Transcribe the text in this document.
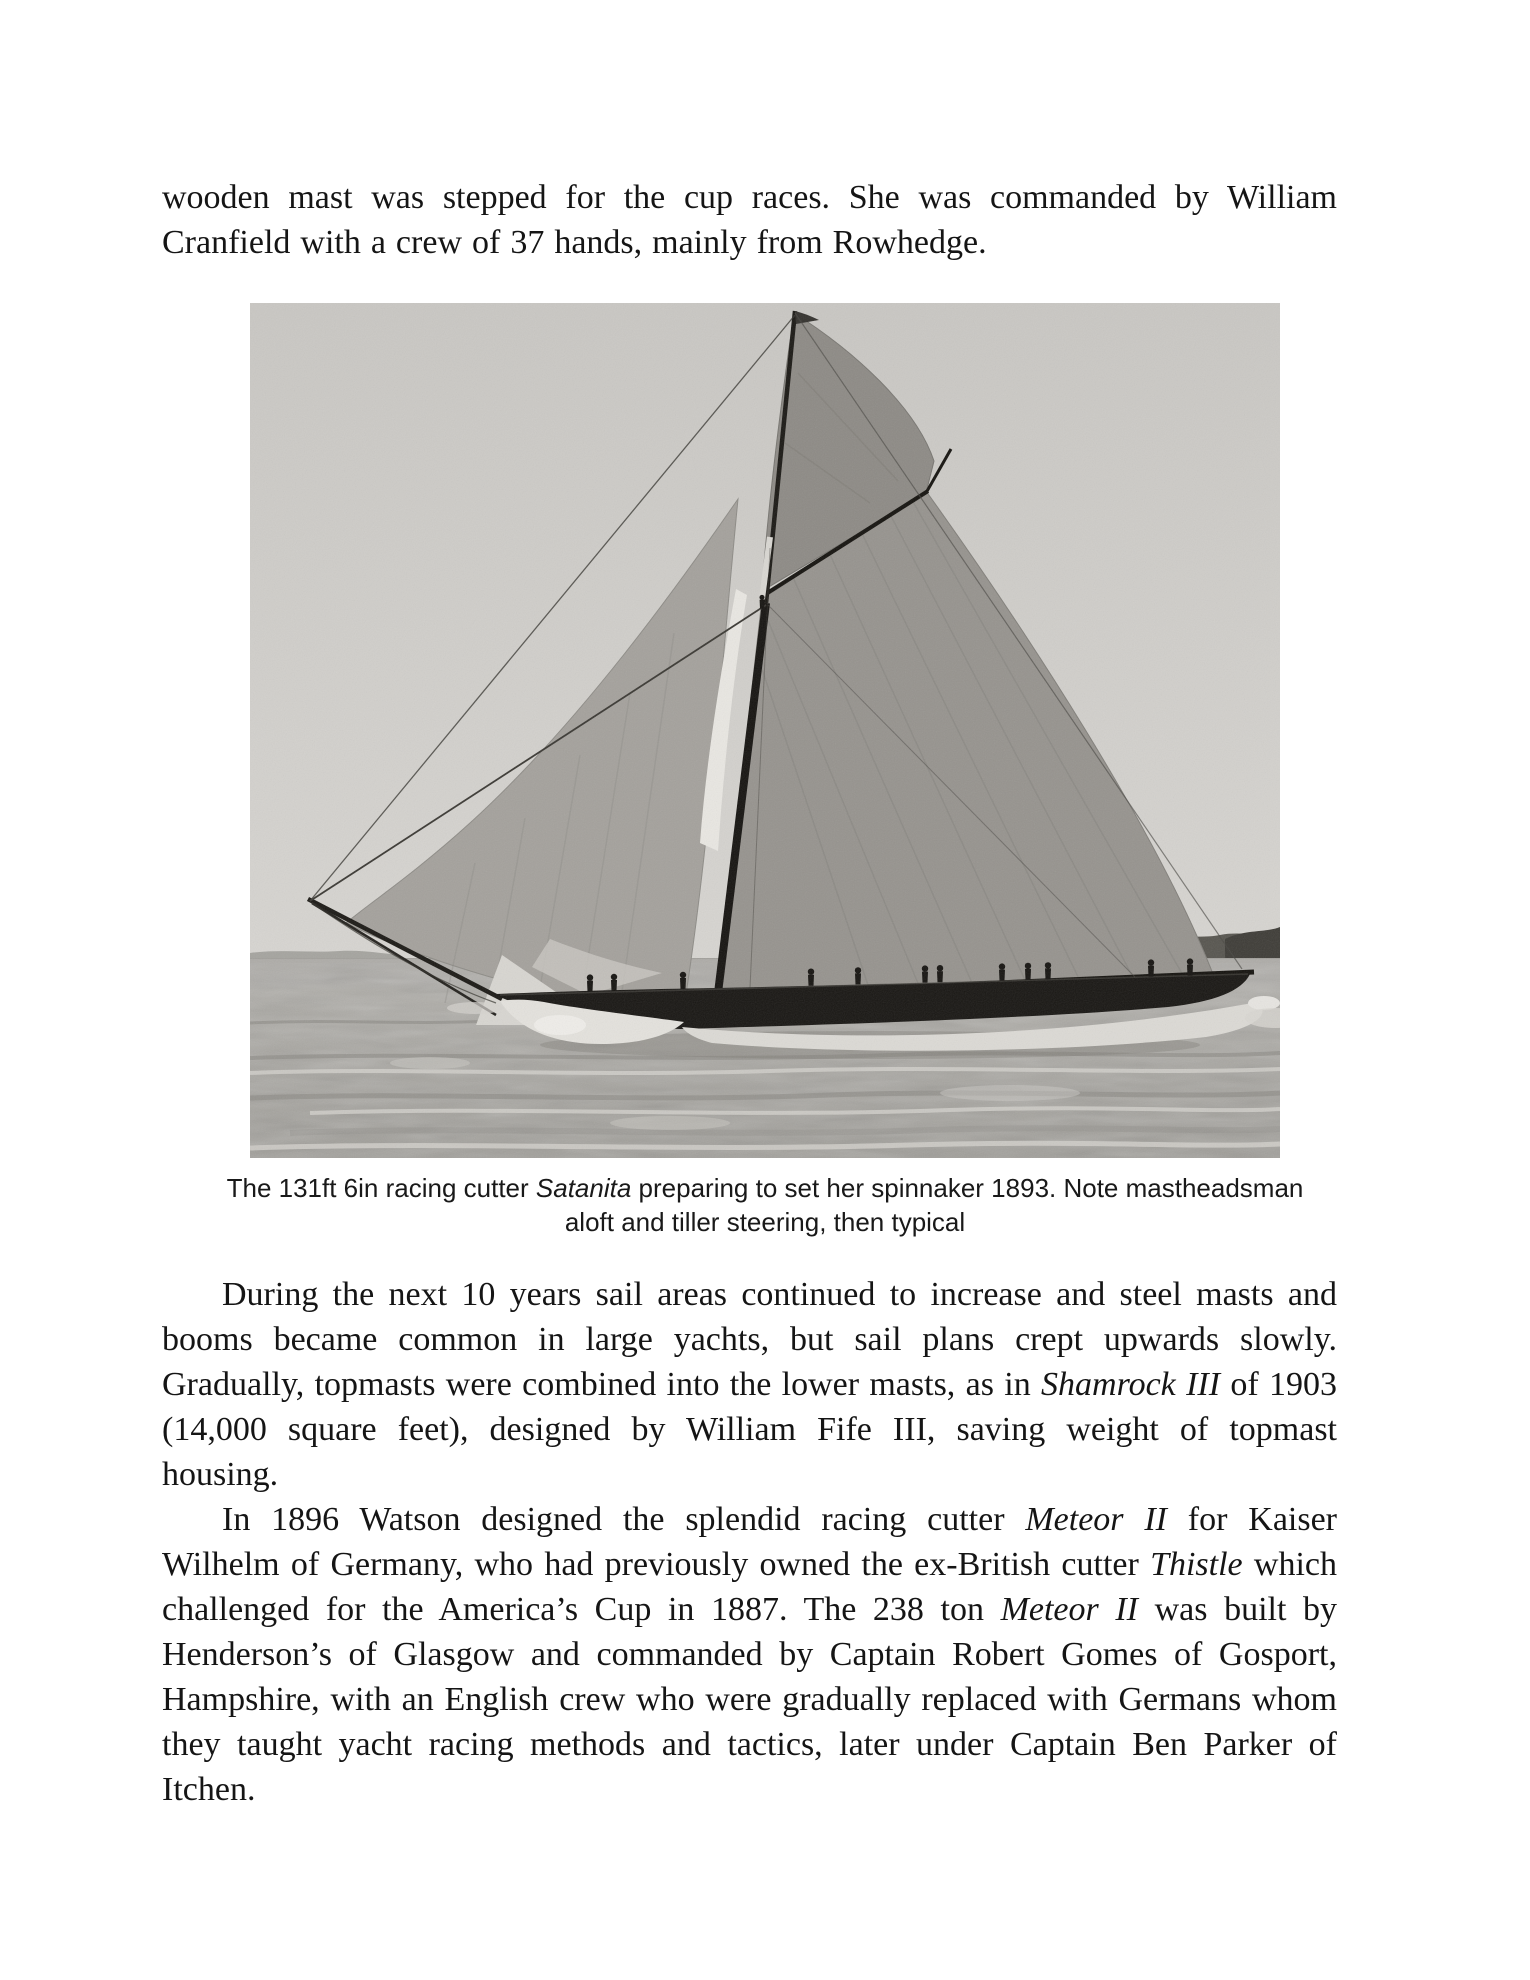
wooden mast was stepped for the cup races. She was commanded by William Cranfield with a crew of 37 hands, mainly from Rowhedge.

The 131ft 6in racing cutter Satanita preparing to set her spinnaker 1893. Note mastheadsman
aloft and tiller steering, then typical

During the next 10 years sail areas continued to increase and steel masts and booms became common in large yachts, but sail plans crept upwards slowly. Gradually, topmasts were combined into the lower masts, as in Shamrock III of 1903 (14,000 square feet), designed by William Fife III, saving weight of topmast housing.

In 1896 Watson designed the splendid racing cutter Meteor II for Kaiser Wilhelm of Germany, who had previously owned the ex-British cutter Thistle which challenged for the America’s Cup in 1887. The 238 ton Meteor II was built by Henderson’s of Glasgow and commanded by Captain Robert Gomes of Gosport, Hampshire, with an English crew who were gradually replaced with Germans whom they taught yacht racing methods and tactics, later under Captain Ben Parker of Itchen.
